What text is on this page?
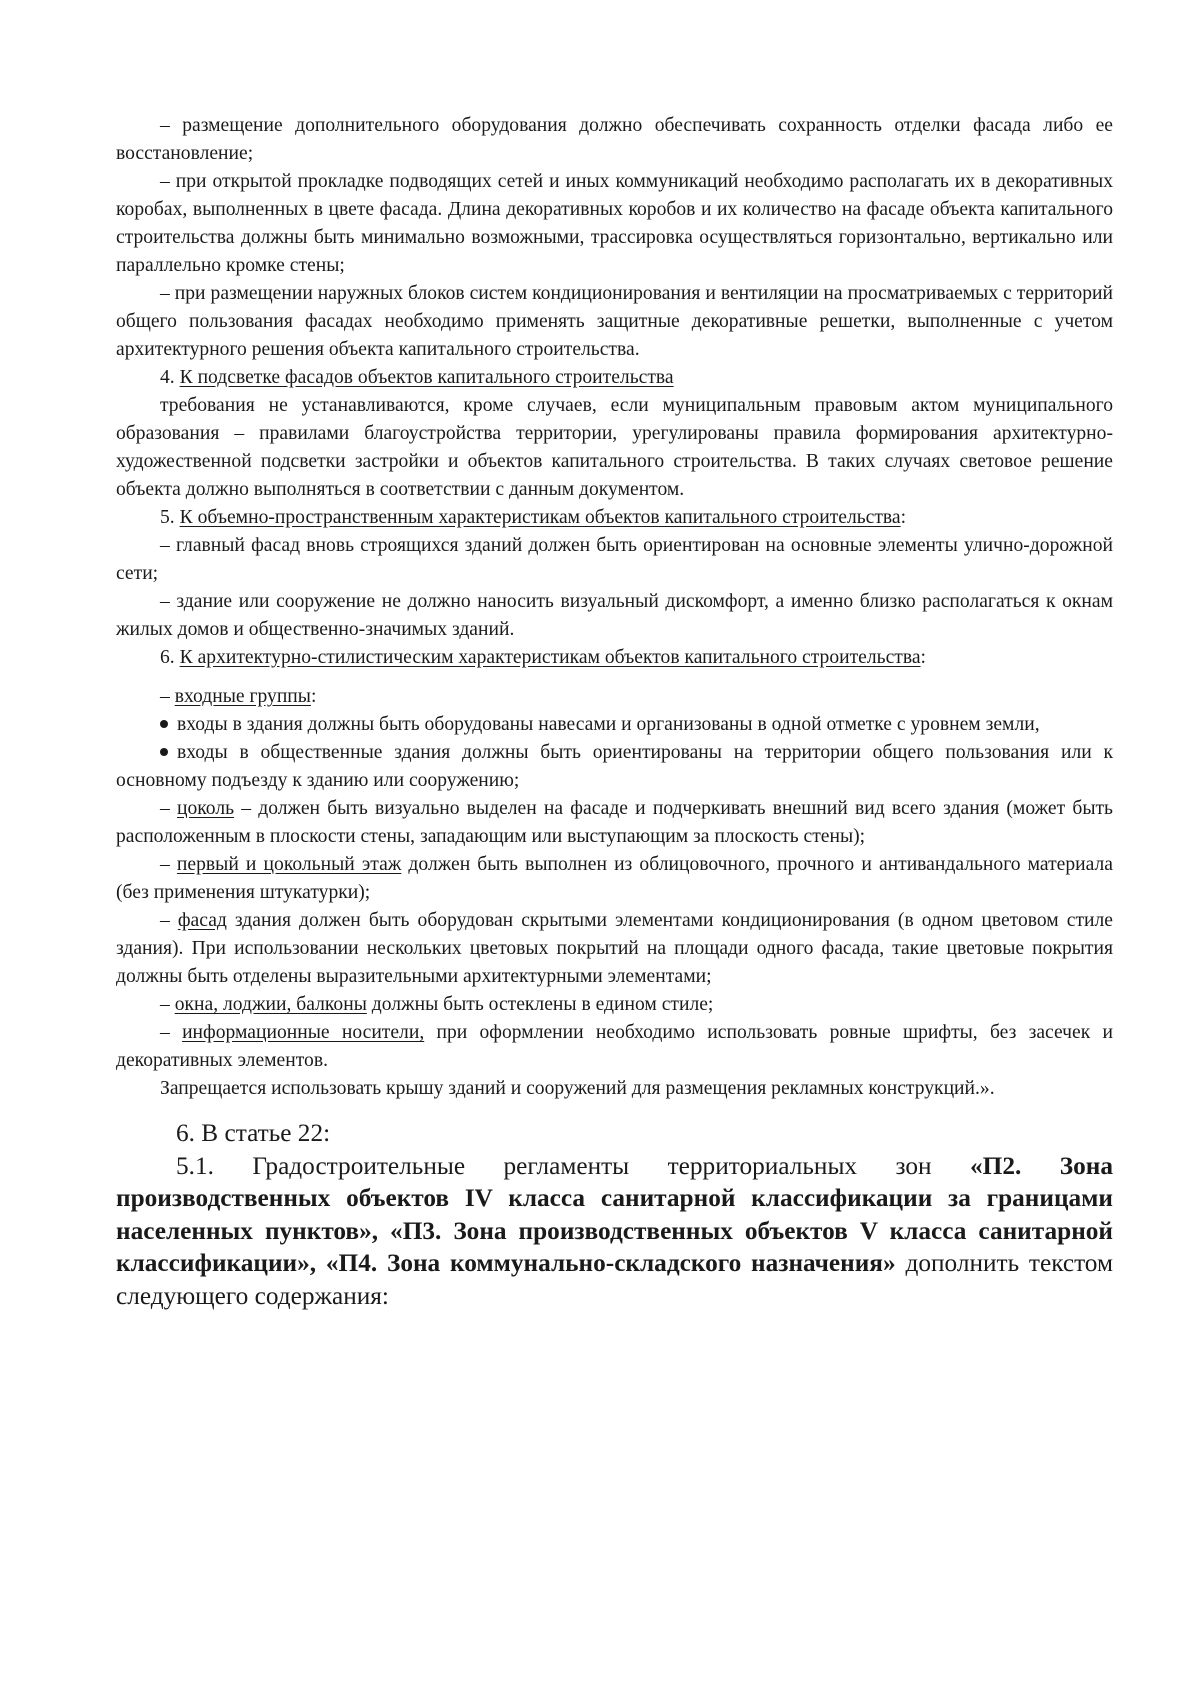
– размещение дополнительного оборудования должно обеспечивать сохранность отделки фасада либо ее восстановление;

– при открытой прокладке подводящих сетей и иных коммуникаций необходимо располагать их в декоративных коробах, выполненных в цвете фасада. Длина декоративных коробов и их количество на фасаде объекта капитального строительства должны быть минимально возможными, трассировка осуществляться горизонтально, вертикально или параллельно кромке стены;

– при размещении наружных блоков систем кондиционирования и вентиляции на просматриваемых с территорий общего пользования фасадах необходимо применять защитные декоративные решетки, выполненные с учетом архитектурного решения объекта капитального строительства.

4. К подсветке фасадов объектов капитального строительства

требования не устанавливаются, кроме случаев, если муниципальным правовым актом муниципального образования – правилами благоустройства территории, урегулированы правила формирования архитектурно-художественной подсветки застройки и объектов капитального строительства. В таких случаях световое решение объекта должно выполняться в соответствии с данным документом.

5. К объемно-пространственным характеристикам объектов капитального строительства:

– главный фасад вновь строящихся зданий должен быть ориентирован на основные элементы улично-дорожной сети;

– здание или сооружение не должно наносить визуальный дискомфорт, а именно близко располагаться к окнам жилых домов и общественно-значимых зданий.

6. К архитектурно-стилистическим характеристикам объектов капитального строительства:

– входные группы:

входы в здания должны быть оборудованы навесами и организованы в одной отметке с уровнем земли,

входы в общественные здания должны быть ориентированы на территории общего пользования или к основному подъезду к зданию или сооружению;

– цоколь – должен быть визуально выделен на фасаде и подчеркивать внешний вид всего здания (может быть расположенным в плоскости стены, западающим или выступающим за плоскость стены);

– первый и цокольный этаж должен быть выполнен из облицовочного, прочного и антивандального материала (без применения штукатурки);

– фасад здания должен быть оборудован скрытыми элементами кондиционирования (в одном цветовом стиле здания). При использовании нескольких цветовых покрытий на площади одного фасада, такие цветовые покрытия должны быть отделены выразительными архитектурными элементами;

– окна, лоджии, балконы должны быть остеклены в едином стиле;

– информационные носители, при оформлении необходимо использовать ровные шрифты, без засечек и декоративных элементов.

Запрещается использовать крышу зданий и сооружений для размещения рекламных конструкций.».

6. В статье 22:

5.1. Градостроительные регламенты территориальных зон «П2. Зона производственных объектов IV класса санитарной классификации за границами населенных пунктов», «П3. Зона производственных объектов V класса санитарной классификации», «П4. Зона коммунально-складского назначения» дополнить текстом следующего содержания:
